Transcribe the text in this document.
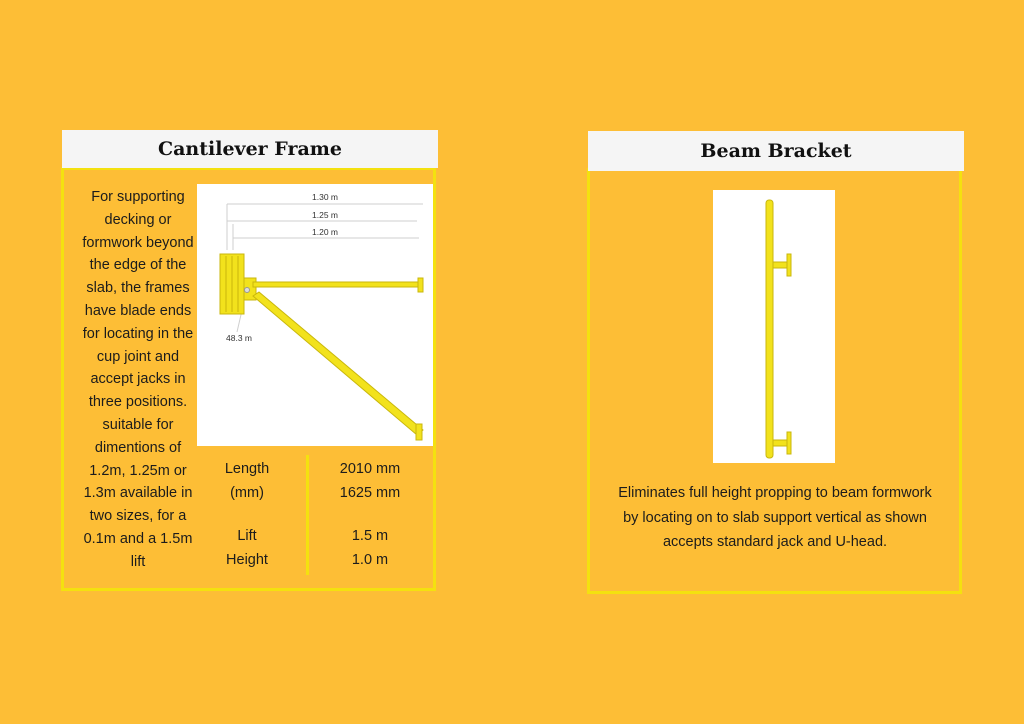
Cantilever Frame
For supporting decking or formwork beyond the edge of the slab, the frames have blade ends for locating in the cup joint and accept jacks in three positions. suitable for dimentions of 1.2m, 1.25m or 1.3m available in two sizes, for a 0.1m and a 1.5m lift
1.30 m
1.25 m
1.20 m
48.3 m
Length
(mm)
2010 mm
1625 mm
Lift
Height
1.5 m
1.0 m
Beam Bracket
Eliminates full height propping to beam formwork by locating on to slab support vertical as shown accepts standard jack and U-head.
